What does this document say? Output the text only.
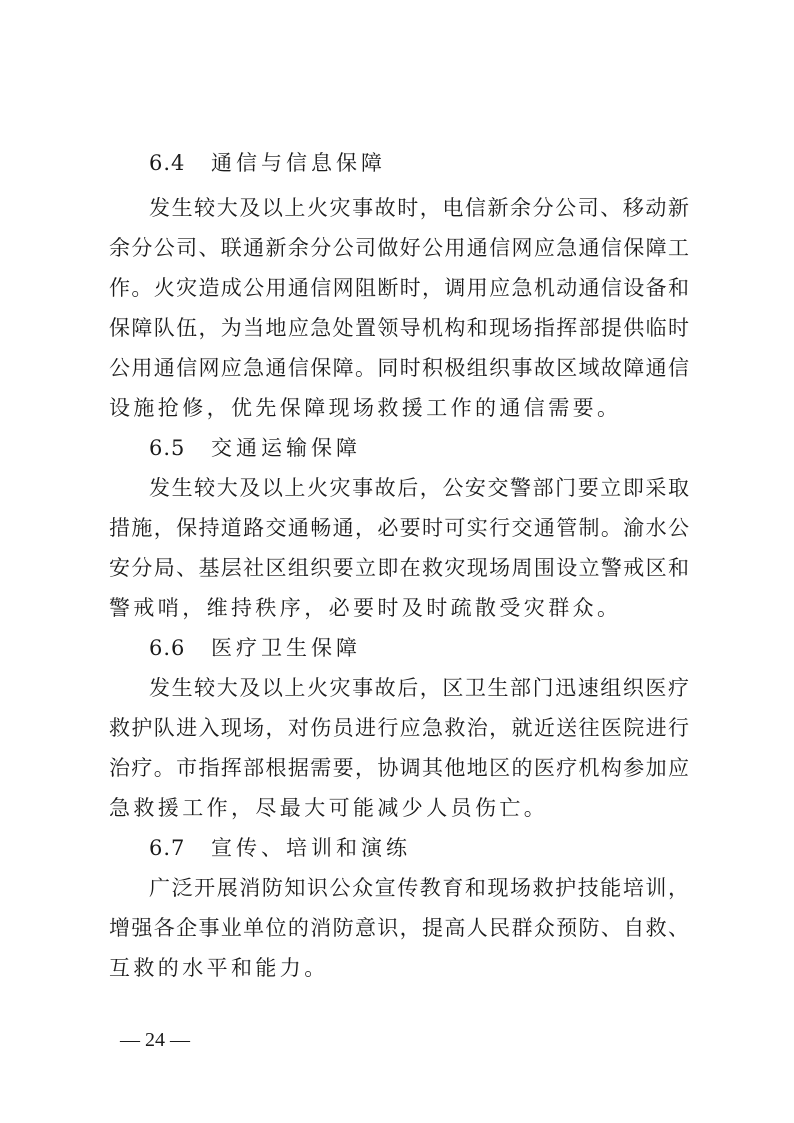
6.4 通信与信息保障
发生较大及以上火灾事故时，电信新余分公司、移动新
余分公司、联通新余分公司做好公用通信网应急通信保障工
作。火灾造成公用通信网阻断时，调用应急机动通信设备和
保障队伍，为当地应急处置领导机构和现场指挥部提供临时
公用通信网应急通信保障。同时积极组织事故区域故障通信
设施抢修，优先保障现场救援工作的通信需要。
6.5 交通运输保障
发生较大及以上火灾事故后，公安交警部门要立即采取
措施，保持道路交通畅通，必要时可实行交通管制。渝水公
安分局、基层社区组织要立即在救灾现场周围设立警戒区和
警戒哨，维持秩序，必要时及时疏散受灾群众。
6.6 医疗卫生保障
发生较大及以上火灾事故后，区卫生部门迅速组织医疗
救护队进入现场，对伤员进行应急救治，就近送往医院进行
治疗。市指挥部根据需要，协调其他地区的医疗机构参加应
急救援工作，尽最大可能减少人员伤亡。
6.7 宣传、培训和演练
广泛开展消防知识公众宣传教育和现场救护技能培训，
增强各企事业单位的消防意识，提高人民群众预防、自救、
互救的水平和能力。
— 24 —
